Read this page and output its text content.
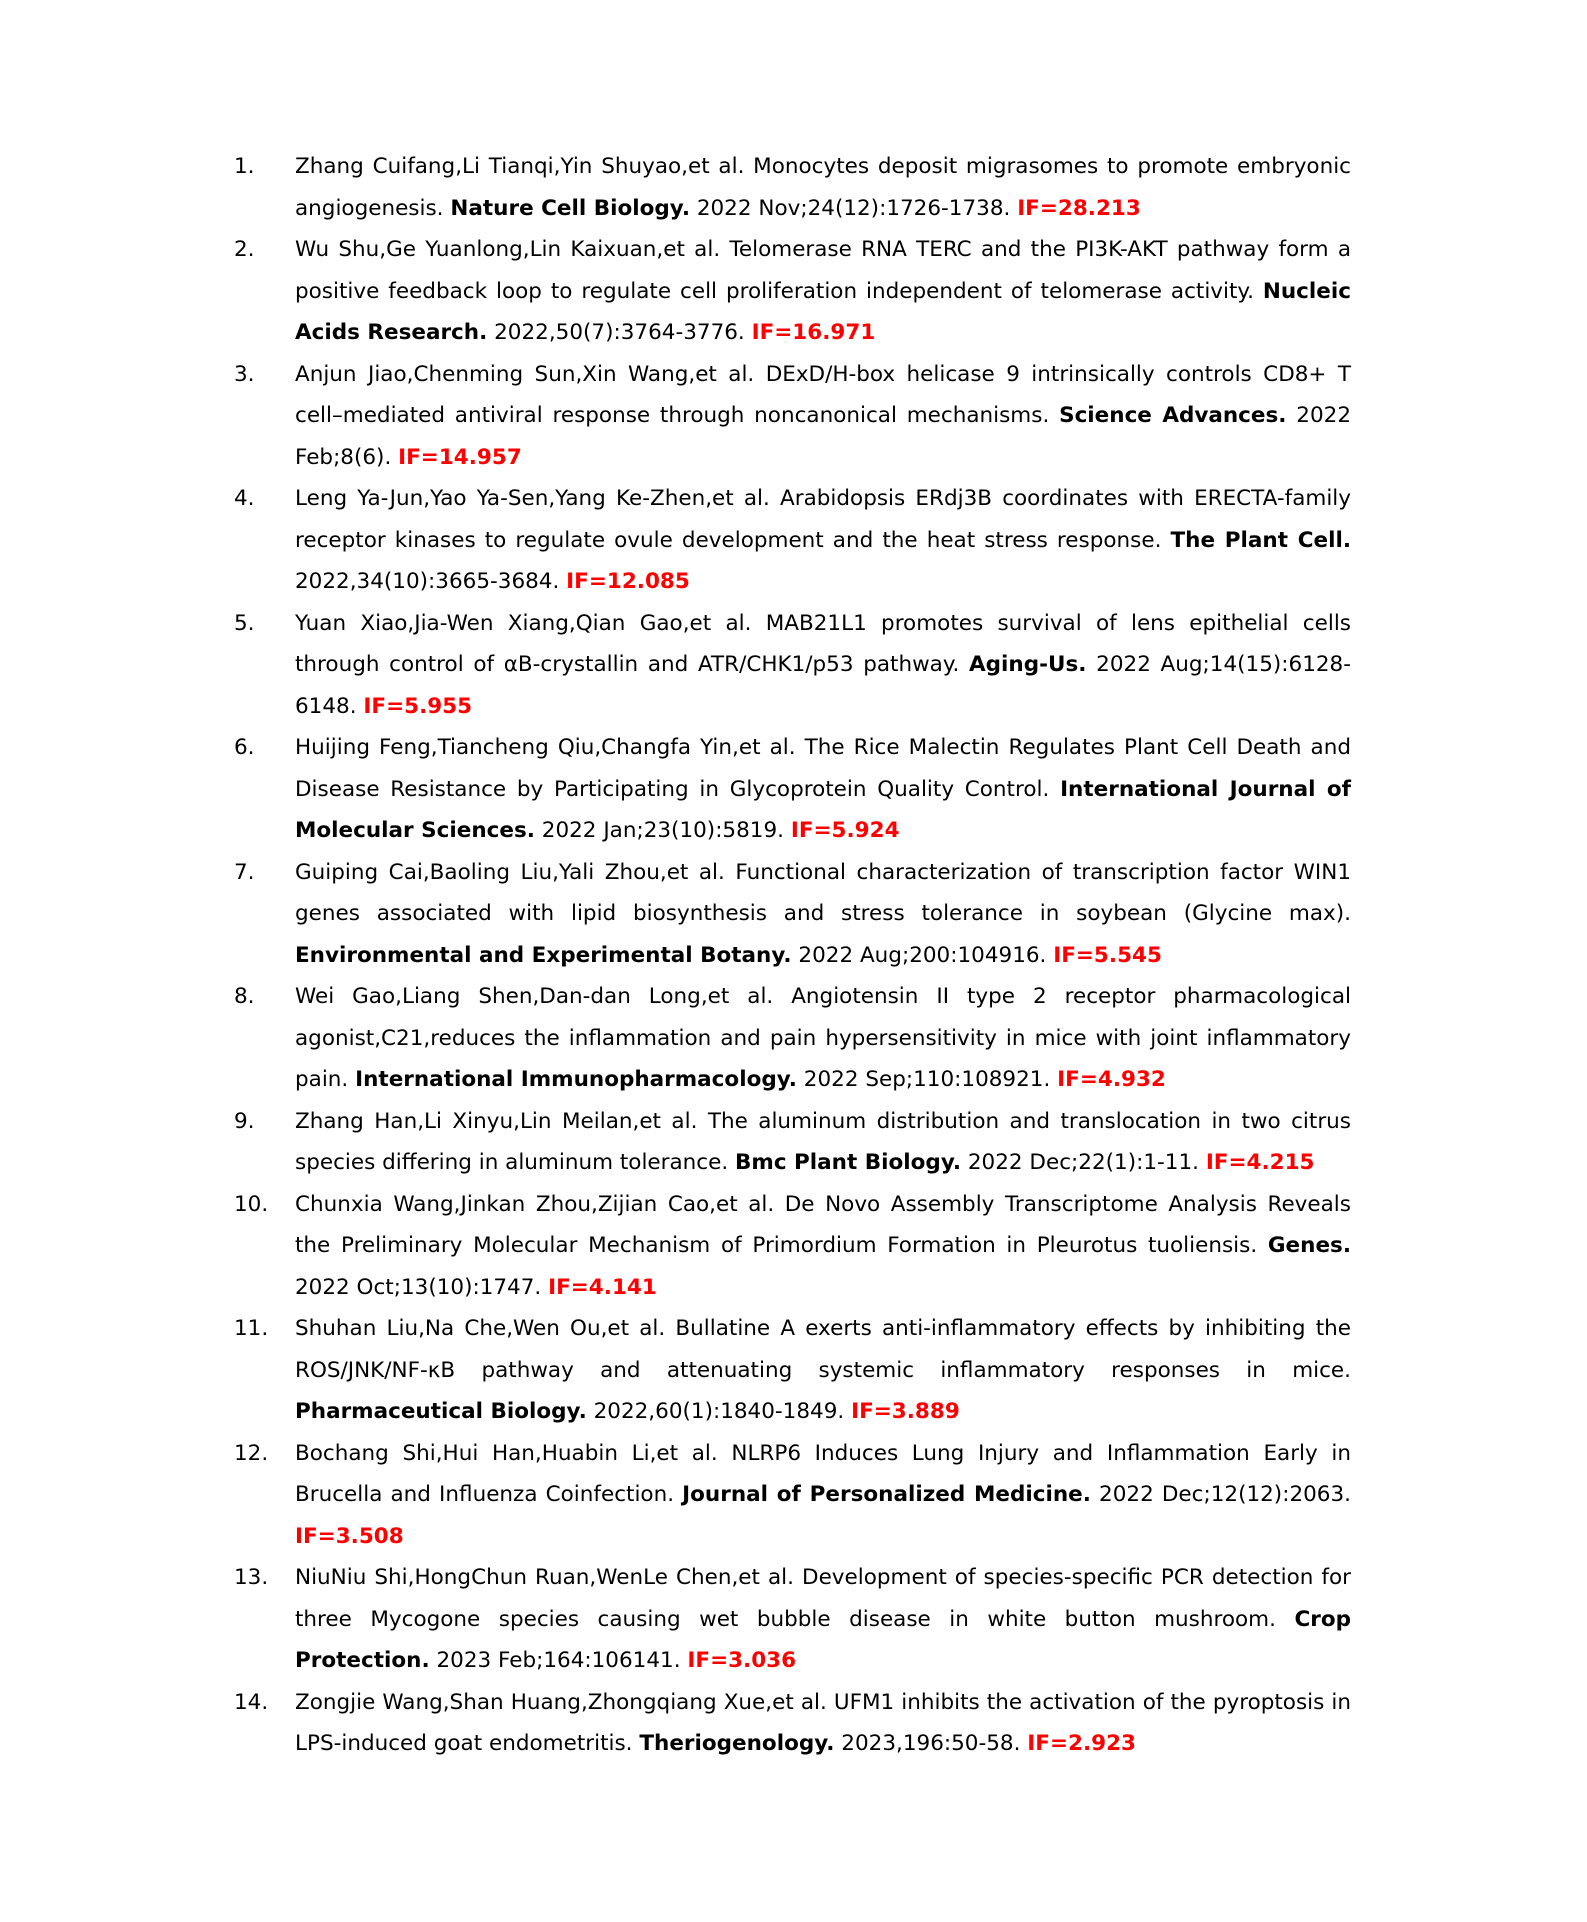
1. Zhang Cuifang,Li Tianqi,Yin Shuyao,et al. Monocytes deposit migrasomes to promote embryonic angiogenesis. Nature Cell Biology. 2022 Nov;24(12):1726-1738. IF=28.213
2. Wu Shu,Ge Yuanlong,Lin Kaixuan,et al. Telomerase RNA TERC and the PI3K-AKT pathway form a positive feedback loop to regulate cell proliferation independent of telomerase activity. Nucleic Acids Research. 2022,50(7):3764-3776. IF=16.971
3. Anjun Jiao,Chenming Sun,Xin Wang,et al. DExD/H-box helicase 9 intrinsically controls CD8+ T cell–mediated antiviral response through noncanonical mechanisms. Science Advances. 2022 Feb;8(6). IF=14.957
4. Leng Ya-Jun,Yao Ya-Sen,Yang Ke-Zhen,et al. Arabidopsis ERdj3B coordinates with ERECTA-family receptor kinases to regulate ovule development and the heat stress response. The Plant Cell. 2022,34(10):3665-3684. IF=12.085
5. Yuan Xiao,Jia-Wen Xiang,Qian Gao,et al. MAB21L1 promotes survival of lens epithelial cells through control of αB-crystallin and ATR/CHK1/p53 pathway. Aging-Us. 2022 Aug;14(15):6128-6148. IF=5.955
6. Huijing Feng,Tiancheng Qiu,Changfa Yin,et al. The Rice Malectin Regulates Plant Cell Death and Disease Resistance by Participating in Glycoprotein Quality Control. International Journal of Molecular Sciences. 2022 Jan;23(10):5819. IF=5.924
7. Guiping Cai,Baoling Liu,Yali Zhou,et al. Functional characterization of transcription factor WIN1 genes associated with lipid biosynthesis and stress tolerance in soybean (Glycine max). Environmental and Experimental Botany. 2022 Aug;200:104916. IF=5.545
8. Wei Gao,Liang Shen,Dan-dan Long,et al. Angiotensin II type 2 receptor pharmacological agonist,C21,reduces the inflammation and pain hypersensitivity in mice with joint inflammatory pain. International Immunopharmacology. 2022 Sep;110:108921. IF=4.932
9. Zhang Han,Li Xinyu,Lin Meilan,et al. The aluminum distribution and translocation in two citrus species differing in aluminum tolerance. Bmc Plant Biology. 2022 Dec;22(1):1-11. IF=4.215
10. Chunxia Wang,Jinkan Zhou,Zijian Cao,et al. De Novo Assembly Transcriptome Analysis Reveals the Preliminary Molecular Mechanism of Primordium Formation in Pleurotus tuoliensis. Genes. 2022 Oct;13(10):1747. IF=4.141
11. Shuhan Liu,Na Che,Wen Ou,et al. Bullatine A exerts anti-inflammatory effects by inhibiting the ROS/JNK/NF-κB pathway and attenuating systemic inflammatory responses in mice. Pharmaceutical Biology. 2022,60(1):1840-1849. IF=3.889
12. Bochang Shi,Hui Han,Huabin Li,et al. NLRP6 Induces Lung Injury and Inflammation Early in Brucella and Influenza Coinfection. Journal of Personalized Medicine. 2022 Dec;12(12):2063. IF=3.508
13. NiuNiu Shi,HongChun Ruan,WenLe Chen,et al. Development of species-specific PCR detection for three Mycogone species causing wet bubble disease in white button mushroom. Crop Protection. 2023 Feb;164:106141. IF=3.036
14. Zongjie Wang,Shan Huang,Zhongqiang Xue,et al. UFM1 inhibits the activation of the pyroptosis in LPS-induced goat endometritis. Theriogenology. 2023,196:50-58. IF=2.923
